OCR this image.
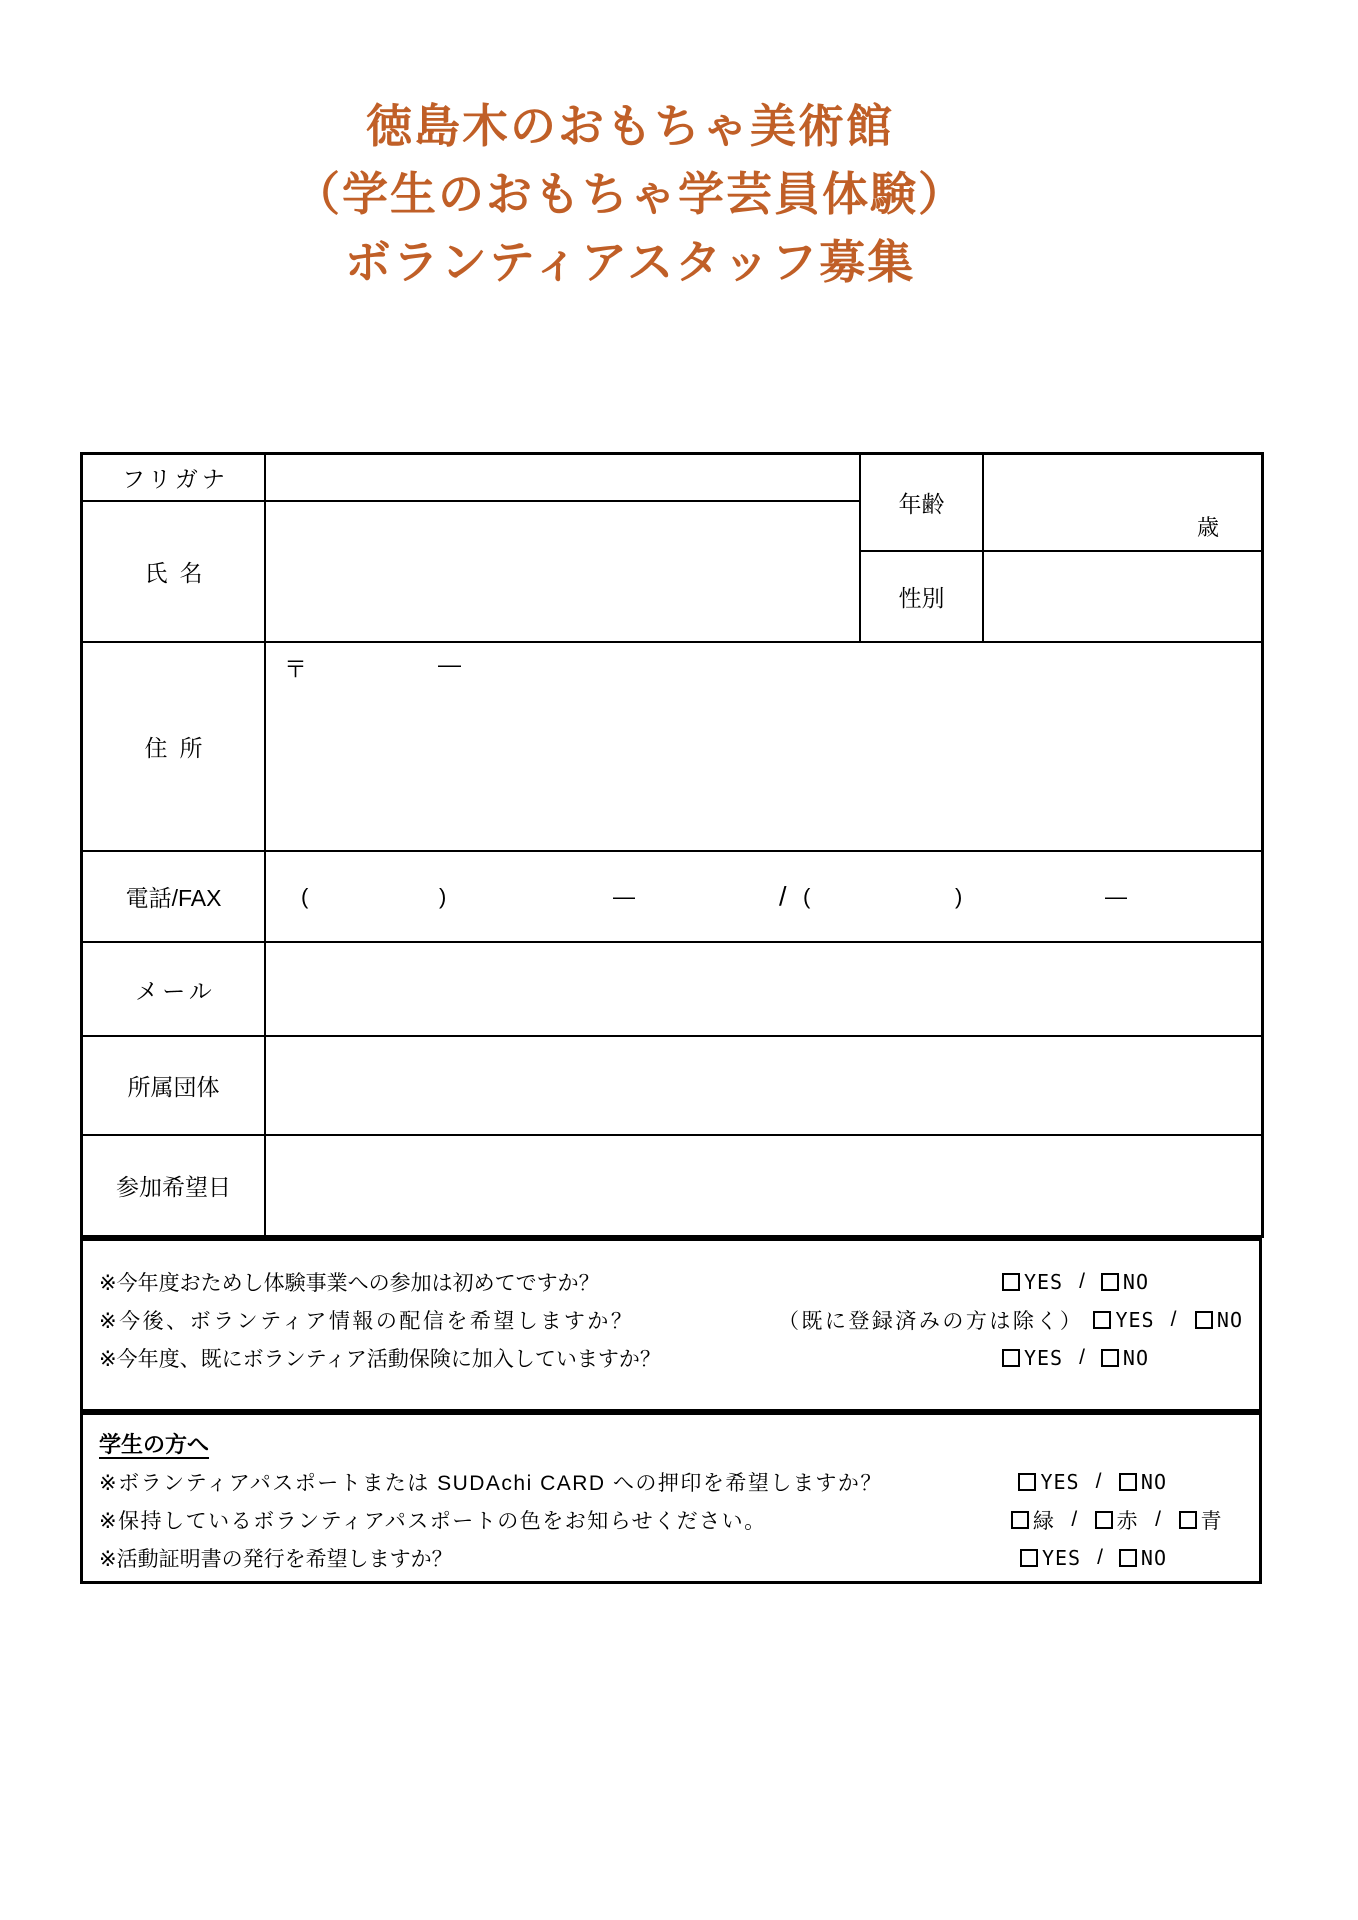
徳島木のおもちゃ美術館
（学生のおもちゃ学芸員体験）
ボランティアスタッフ募集
フリガナ
氏名
年齢
歳
性別
住所
〒	—
電話/FAX	(	)	—	/ (	)	—
メール
所属団体
参加希望日
※今年度おためし体験事業への参加は初めてですか？	YES / NO
※今後、ボランティア情報の配信を希望しますか？	（既に登録済みの方は除く） YES / NO
※今年度、既にボランティア活動保険に加入していますか？	YES / NO
学生の方へ
※ボランティアパスポートまたは SUDAchi CARD への押印を希望しますか？	YES / NO
※保持しているボランティアパスポートの色をお知らせください。	緑 / 赤 / 青
※活動証明書の発行を希望しますか？	YES / NO
